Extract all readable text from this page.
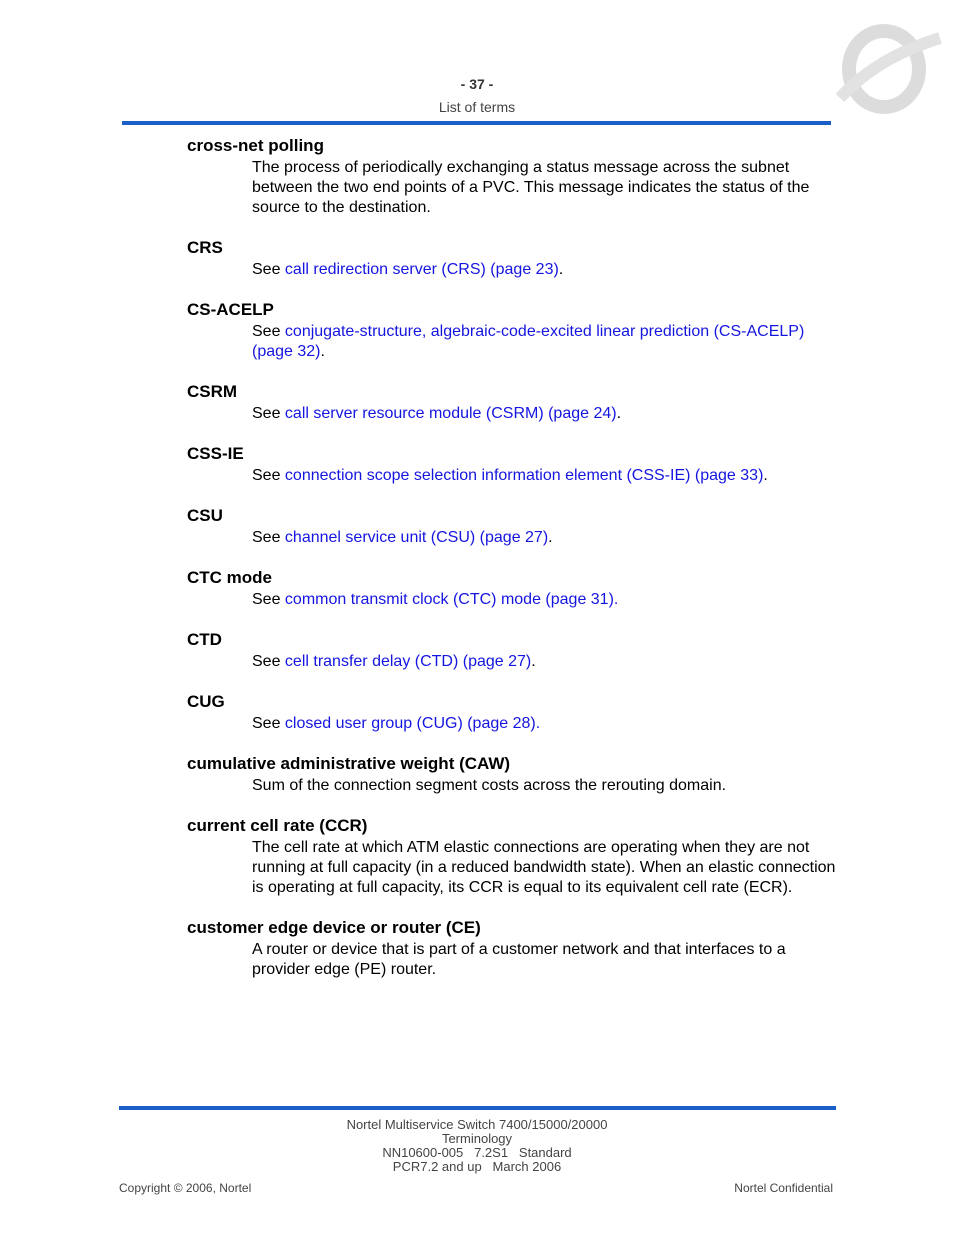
- 37 -
List of terms
cross-net polling
The process of periodically exchanging a status message across the subnet between the two end points of a PVC. This message indicates the status of the source to the destination.
CRS
See call redirection server (CRS) (page 23).
CS-ACELP
See conjugate-structure, algebraic-code-excited linear prediction (CS-ACELP) (page 32).
CSRM
See call server resource module (CSRM) (page 24).
CSS-IE
See connection scope selection information element (CSS-IE) (page 33).
CSU
See channel service unit (CSU) (page 27).
CTC mode
See common transmit clock (CTC) mode (page 31).
CTD
See cell transfer delay (CTD) (page 27).
CUG
See closed user group (CUG) (page 28).
cumulative administrative weight (CAW)
Sum of the connection segment costs across the rerouting domain.
current cell rate (CCR)
The cell rate at which ATM elastic connections are operating when they are not running at full capacity (in a reduced bandwidth state). When an elastic connection is operating at full capacity, its CCR is equal to its equivalent cell rate (ECR).
customer edge device or router (CE)
A router or device that is part of a customer network and that interfaces to a provider edge (PE) router.
Nortel Multiservice Switch 7400/15000/20000
Terminology
NN10600-005   7.2S1   Standard
PCR7.2 and up   March 2006
Copyright © 2006, Nortel	Nortel Confidential
